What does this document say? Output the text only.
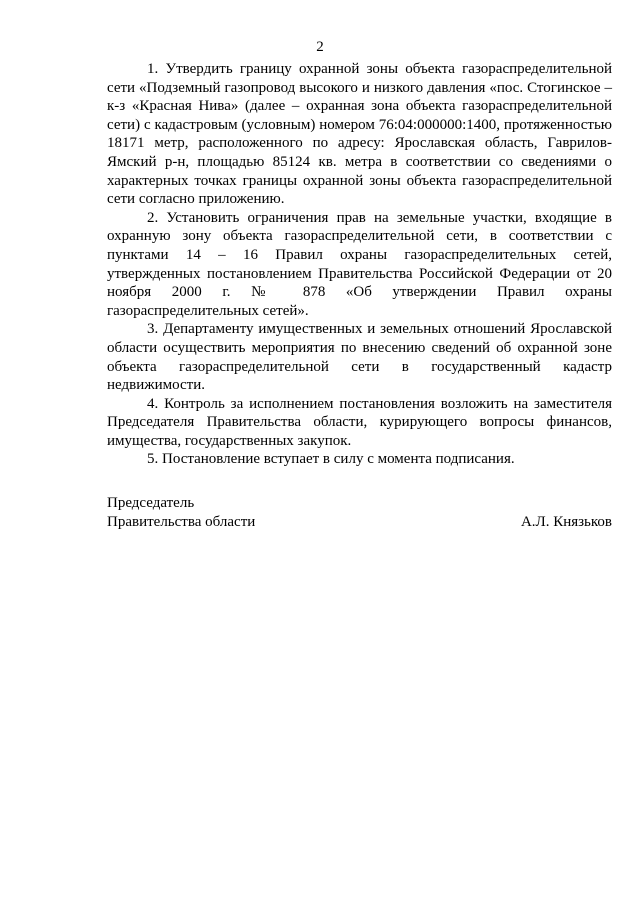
2

1. Утвердить границу охранной зоны объекта газораспределительной сети «Подземный газопровод высокого и низкого давления «пос. Стогинское – к-з «Красная Нива» (далее – охранная зона объекта газораспределительной сети) с кадастровым (условным) номером 76:04:000000:1400, протяженностью 18171 метр, расположенного по адресу: Ярославская область, Гаврилов-Ямский р-н, площадью 85124 кв. метра в соответствии со сведениями о характерных точках границы охранной зоны объекта газораспределительной сети согласно приложению.

2. Установить ограничения прав на земельные участки, входящие в охранную зону объекта газораспределительной сети, в соответствии с пунктами 14 – 16 Правил охраны газораспределительных сетей, утвержденных постановлением Правительства Российской Федерации от 20 ноября 2000 г. № 878 «Об утверждении Правил охраны газораспределительных сетей».

3. Департаменту имущественных и земельных отношений Ярославской области осуществить мероприятия по внесению сведений об охранной зоне объекта газораспределительной сети в государственный кадастр недвижимости.

4. Контроль за исполнением постановления возложить на заместителя Председателя Правительства области, курирующего вопросы финансов, имущества, государственных закупок.

5. Постановление вступает в силу с момента подписания.

Председатель
Правительства области	А.Л. Князьков
